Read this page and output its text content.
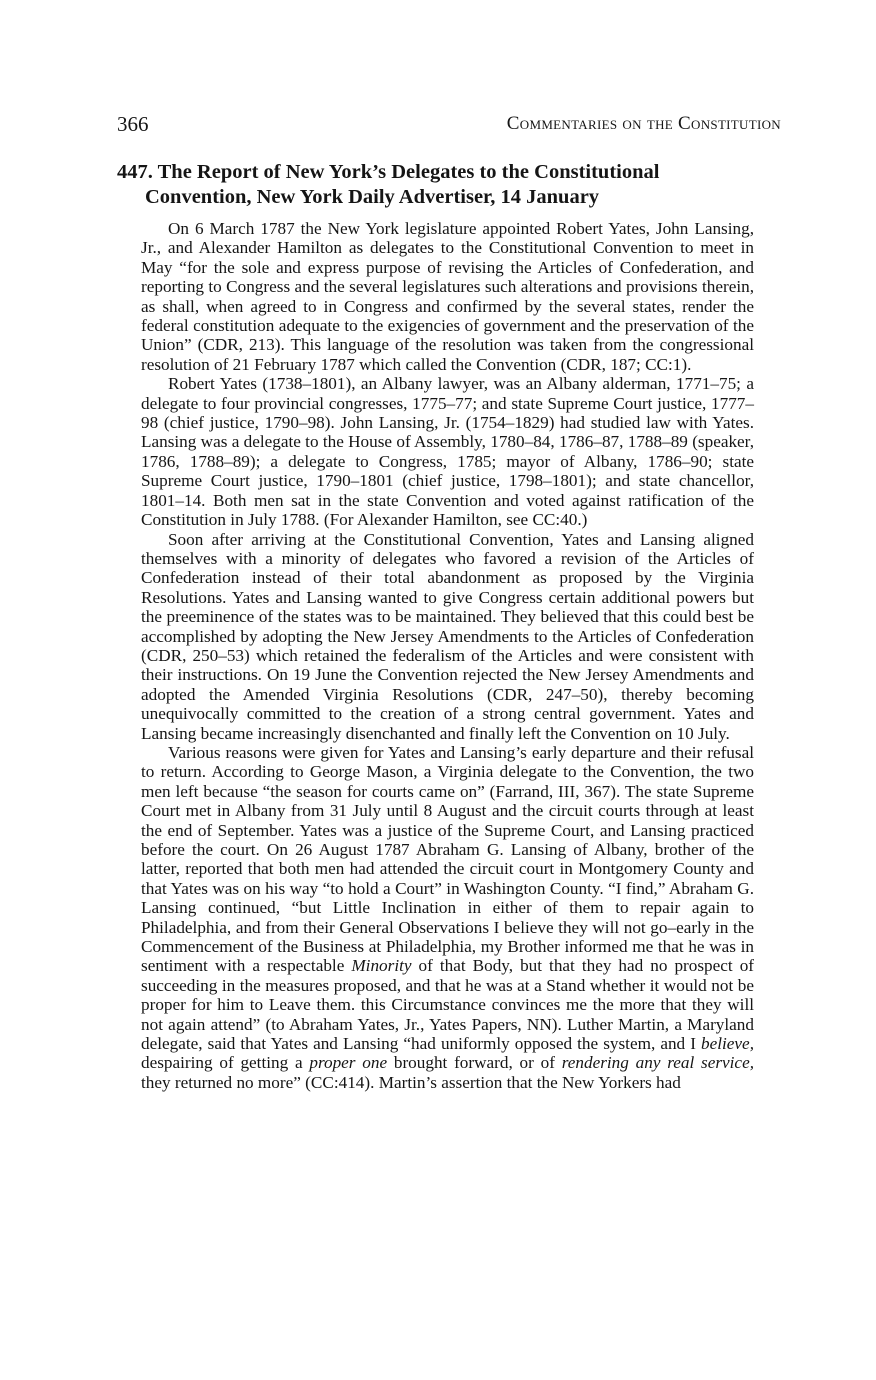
366	Commentaries on the Constitution
447. The Report of New York’s Delegates to the Constitutional Convention, New York Daily Advertiser, 14 January

On 6 March 1787 the New York legislature appointed Robert Yates, John Lansing, Jr., and Alexander Hamilton as delegates to the Constitutional Convention to meet in May “for the sole and express purpose of revising the Articles of Confederation, and reporting to Congress and the several legislatures such alterations and provisions therein, as shall, when agreed to in Congress and confirmed by the several states, render the federal constitution adequate to the exigencies of government and the preservation of the Union” (CDR, 213). This language of the resolution was taken from the congressional resolution of 21 February 1787 which called the Convention (CDR, 187; CC:1).

Robert Yates (1738–1801), an Albany lawyer, was an Albany alderman, 1771–75; a delegate to four provincial congresses, 1775–77; and state Supreme Court justice, 1777–98 (chief justice, 1790–98). John Lansing, Jr. (1754–1829) had studied law with Yates. Lansing was a delegate to the House of Assembly, 1780–84, 1786–87, 1788–89 (speaker, 1786, 1788–89); a delegate to Congress, 1785; mayor of Albany, 1786–90; state Supreme Court justice, 1790–1801 (chief justice, 1798–1801); and state chancellor, 1801–14. Both men sat in the state Convention and voted against ratification of the Constitution in July 1788. (For Alexander Hamilton, see CC:40.)

Soon after arriving at the Constitutional Convention, Yates and Lansing aligned themselves with a minority of delegates who favored a revision of the Articles of Confederation instead of their total abandonment as proposed by the Virginia Resolutions. Yates and Lansing wanted to give Congress certain additional powers but the preeminence of the states was to be maintained. They believed that this could best be accomplished by adopting the New Jersey Amendments to the Articles of Confederation (CDR, 250–53) which retained the federalism of the Articles and were consistent with their instructions. On 19 June the Convention rejected the New Jersey Amendments and adopted the Amended Virginia Resolutions (CDR, 247–50), thereby becoming unequivocally committed to the creation of a strong central government. Yates and Lansing became increasingly disenchanted and finally left the Convention on 10 July.

Various reasons were given for Yates and Lansing’s early departure and their refusal to return. According to George Mason, a Virginia delegate to the Convention, the two men left because “the season for courts came on” (Farrand, III, 367). The state Supreme Court met in Albany from 31 July until 8 August and the circuit courts through at least the end of September. Yates was a justice of the Supreme Court, and Lansing practiced before the court. On 26 August 1787 Abraham G. Lansing of Albany, brother of the latter, reported that both men had attended the circuit court in Montgomery County and that Yates was on his way “to hold a Court” in Washington County. “I find,” Abraham G. Lansing continued, “but Little Inclination in either of them to repair again to Philadelphia, and from their General Observations I believe they will not go–early in the Commencement of the Business at Philadelphia, my Brother informed me that he was in sentiment with a respectable Minority of that Body, but that they had no prospect of succeeding in the measures proposed, and that he was at a Stand whether it would not be proper for him to Leave them. this Circumstance convinces me the more that they will not again attend” (to Abraham Yates, Jr., Yates Papers, NN). Luther Martin, a Maryland delegate, said that Yates and Lansing “had uniformly opposed the system, and I believe, despairing of getting a proper one brought forward, or of rendering any real service, they returned no more” (CC:414). Martin’s assertion that the New Yorkers had
